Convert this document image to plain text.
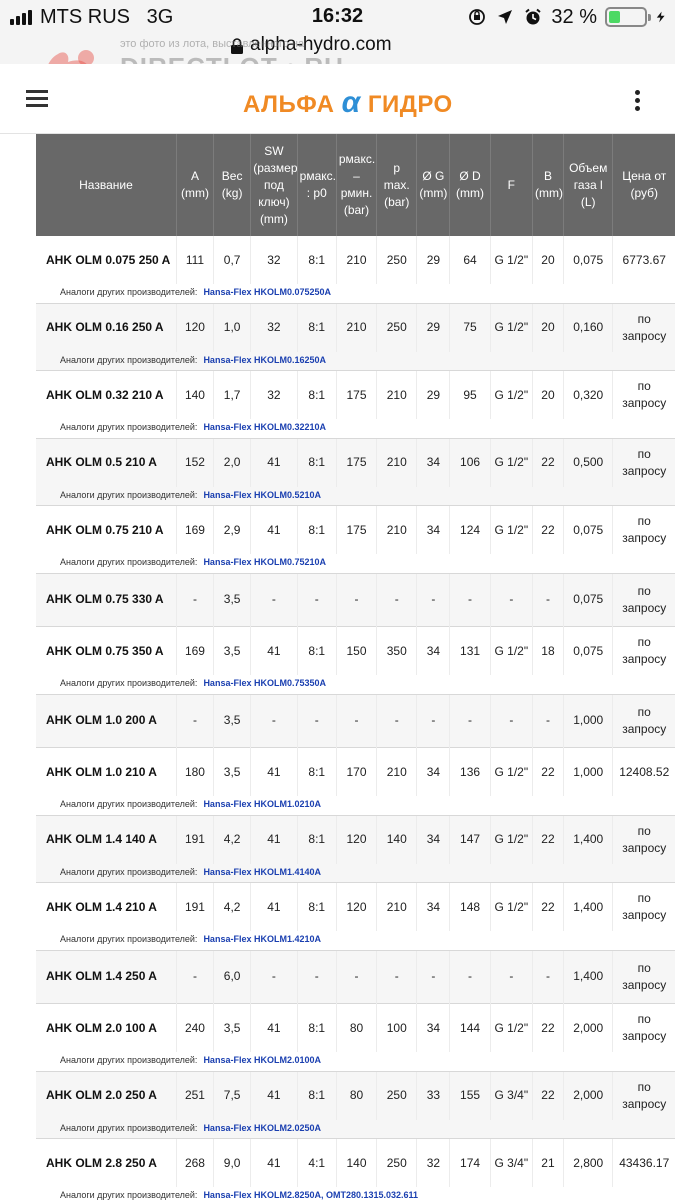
MTS RUS 3G	16:32	32 %
alpha-hydro.com
это фото из лота, выставленного на
АЛЬФА α ГИДРО
Название	A (mm)	Вес (kg)	SW (размер под ключ) (mm)	pмакс. : p0	pмакс. – pмин. (bar)	p max. (bar)	Ø G (mm)	Ø D (mm)	F	B (mm)	Объем газа l (L)	Цена от (руб)
AHK OLM 0.075 250 A	111	0,7	32	8:1	210	250	29	64	G 1/2"	20	0,075	6773.67
Аналоги других производителей: Hansa-Flex HKOLM0.075250A												

AHK OLM 0.16 250 A	120	1,0	32	8:1	210	250	29	75	G 1/2"	20	0,160	по запросу
Аналоги других производителей: Hansa-Flex HKOLM0.16250A												

AHK OLM 0.32 210 A	140	1,7	32	8:1	175	210	29	95	G 1/2"	20	0,320	по запросу
Аналоги других производителей: Hansa-Flex HKOLM0.32210A												

AHK OLM 0.5 210 A	152	2,0	41	8:1	175	210	34	106	G 1/2"	22	0,500	по запросу
Аналоги других производителей: Hansa-Flex HKOLM0.5210A												

AHK OLM 0.75 210 A	169	2,9	41	8:1	175	210	34	124	G 1/2"	22	0,075	по запросу
Аналоги других производителей: Hansa-Flex HKOLM0.75210A												

AHK OLM 0.75 330 A	-	3,5	-	-	-	-	-	-	-	-	0,075	по запросу

AHK OLM 0.75 350 A	169	3,5	41	8:1	150	350	34	131	G 1/2"	18	0,075	по запросу
Аналоги других производителей: Hansa-Flex HKOLM0.75350A												

AHK OLM 1.0 200 A	-	3,5	-	-	-	-	-	-	-	-	1,000	по запросу

AHK OLM 1.0 210 A	180	3,5	41	8:1	170	210	34	136	G 1/2"	22	1,000	12408.52
Аналоги других производителей: Hansa-Flex HKOLM1.0210A												

AHK OLM 1.4 140 A	191	4,2	41	8:1	120	140	34	147	G 1/2"	22	1,400	по запросу
Аналоги других производителей: Hansa-Flex HKOLM1.4140A												

AHK OLM 1.4 210 A	191	4,2	41	8:1	120	210	34	148	G 1/2"	22	1,400	по запросу
Аналоги других производителей: Hansa-Flex HKOLM1.4210A												

AHK OLM 1.4 250 A	-	6,0	-	-	-	-	-	-	-	-	1,400	по запросу

AHK OLM 2.0 100 A	240	3,5	41	8:1	80	100	34	144	G 1/2"	22	2,000	по запросу
Аналоги других производителей: Hansa-Flex HKOLM2.0100A												

AHK OLM 2.0 250 A	251	7,5	41	8:1	80	250	33	155	G 3/4"	22	2,000	по запросу
Аналоги других производителей: Hansa-Flex HKOLM2.0250A												

AHK OLM 2.8 250 A	268	9,0	41	4:1	140	250	32	174	G 3/4"	21	2,800	43436.17
Аналоги других производителей: Hansa-Flex HKOLM2.8250A, OMT280.1315.032.611												
